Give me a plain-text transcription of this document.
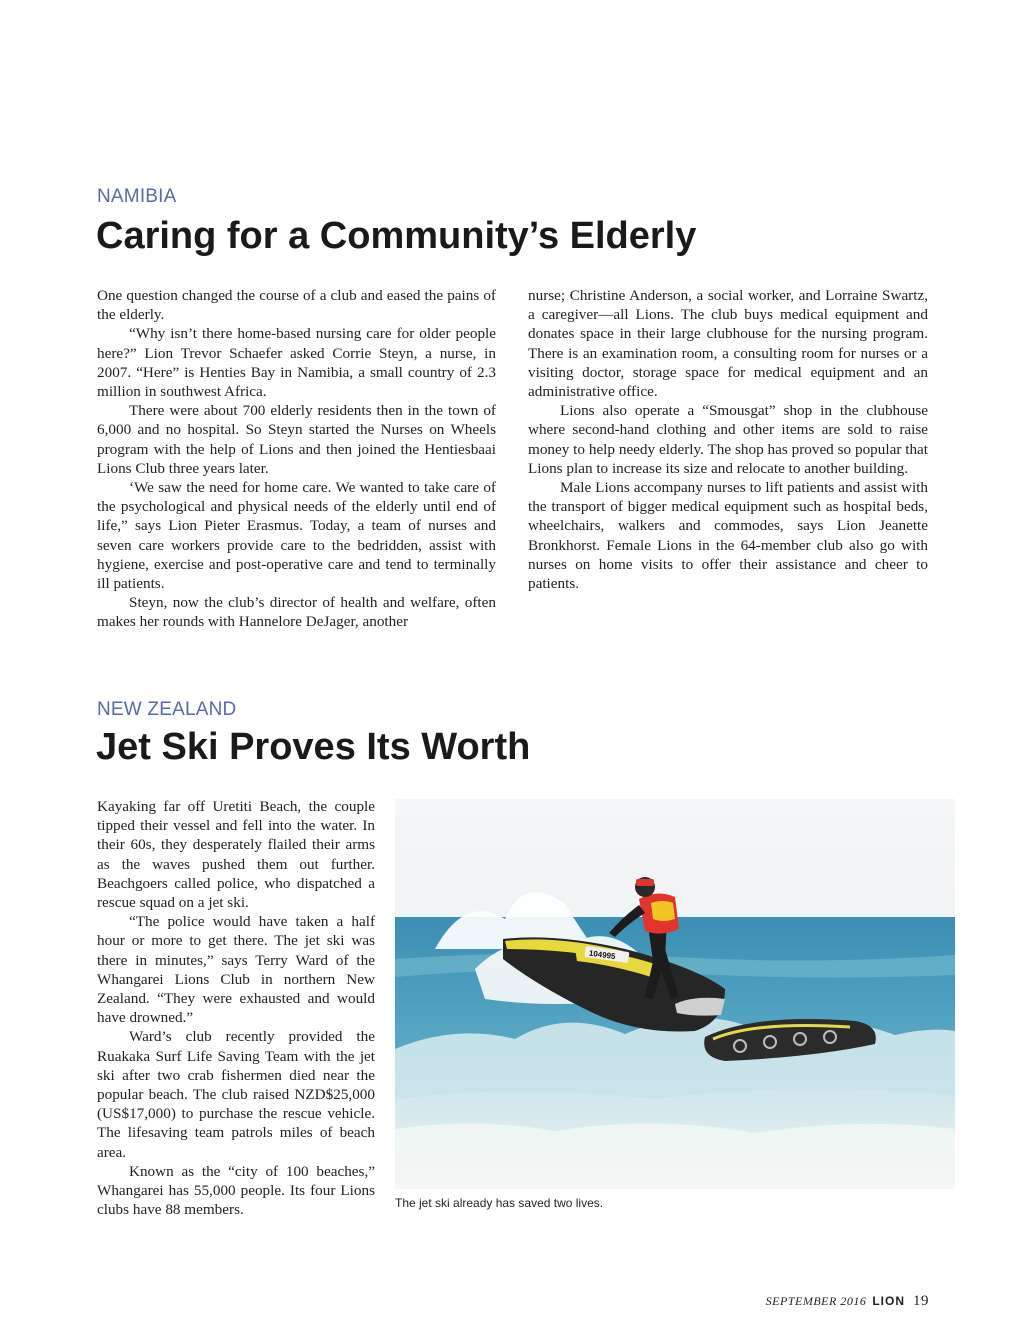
NAMIBIA
Caring for a Community’s Elderly

One question changed the course of a club and eased the pains of the elderly.

“Why isn’t there home-based nursing care for older people here?” Lion Trevor Schaefer asked Corrie Steyn, a nurse, in 2007. “Here” is Henties Bay in Namibia, a small country of 2.3 million in southwest Africa.

There were about 700 elderly residents then in the town of 6,000 and no hospital. So Steyn started the Nurses on Wheels program with the help of Lions and then joined the Hentiesbaai Lions Club three years later.

‘We saw the need for home care. We wanted to take care of the psychological and physical needs of the elderly until end of life,” says Lion Pieter Erasmus. Today, a team of nurses and seven care workers provide care to the bedridden, assist with hygiene, exercise and post-operative care and tend to terminally ill patients.

Steyn, now the club’s director of health and welfare, often makes her rounds with Hannelore DeJager, another

nurse; Christine Anderson, a social worker, and Lorraine Swartz, a caregiver—all Lions. The club buys medical equipment and donates space in their large clubhouse for the nursing program. There is an examination room, a consulting room for nurses or a visiting doctor, storage space for medical equipment and an administrative office.

Lions also operate a “Smousgat” shop in the clubhouse where second-hand clothing and other items are sold to raise money to help needy elderly. The shop has proved so popular that Lions plan to increase its size and relocate to another building.

Male Lions accompany nurses to lift patients and assist with the transport of bigger medical equipment such as hospital beds, wheelchairs, walkers and commodes, says Lion Jeanette Bronkhorst. Female Lions in the 64-member club also go with nurses on home visits to offer their assistance and cheer to patients.

NEW ZEALAND
Jet Ski Proves Its Worth

Kayaking far off Uretiti Beach, the couple tipped their vessel and fell into the water. In their 60s, they desperately flailed their arms as the waves pushed them out further. Beachgoers called police, who dispatched a rescue squad on a jet ski.

“The police would have taken a half hour or more to get there. The jet ski was there in minutes,” says Terry Ward of the Whangarei Lions Club in northern New Zealand. “They were exhausted and would have drowned.”

Ward’s club recently provided the Ruakaka Surf Life Saving Team with the jet ski after two crab fishermen died near the popular beach. The club raised NZD$25,000 (US$17,000) to purchase the rescue vehicle. The lifesaving team patrols miles of beach area.

Known as the “city of 100 beaches,” Whangarei has 55,000 people. Its four Lions clubs have 88 members.

104995
The jet ski already has saved two lives.
SEPTEMBER 2016 LION 19
